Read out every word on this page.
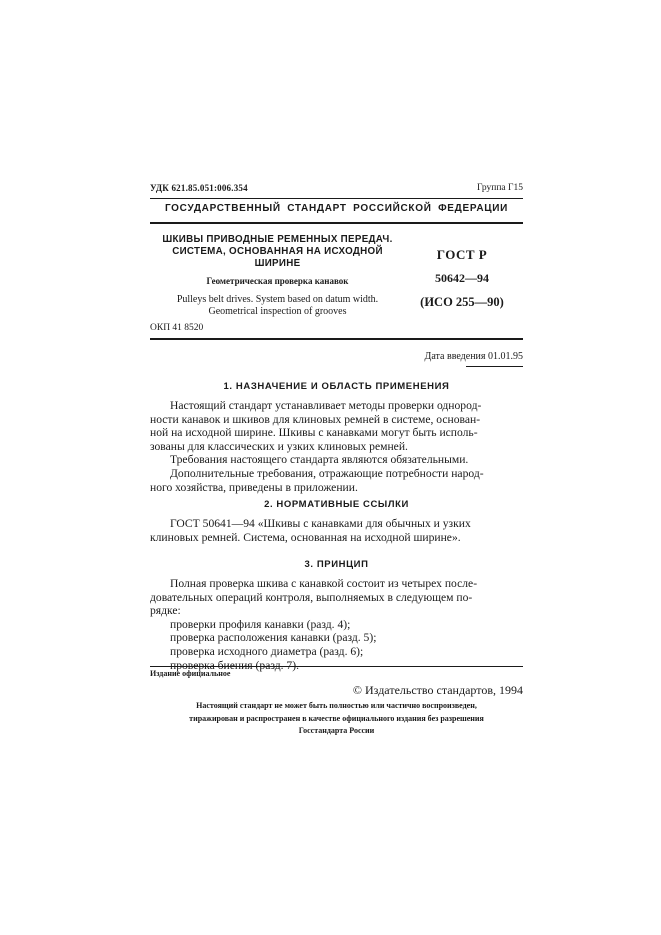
УДК 621.85.051:006.354	Группа Г15
ГОСУДАРСТВЕННЫЙ СТАНДАРТ РОССИЙСКОЙ ФЕДЕРАЦИИ
ШКИВЫ ПРИВОДНЫЕ РЕМЕННЫХ ПЕРЕДАЧ.
СИСТЕМА, ОСНОВАННАЯ НА ИСХОДНОЙ
ШИРИНЕ
Геометрическая проверка канавок
Pulleys belt drives. System based on datum width.
Geometrical inspection of grooves
ГОСТ Р
50642—94
(ИСО 255—90)
ОКП 41 8520
Дата введения 01.01.95
1. НАЗНАЧЕНИЕ И ОБЛАСТЬ ПРИМЕНЕНИЯ
Настоящий стандарт устанавливает методы проверки однород-
ности канавок и шкивов для клиновых ремней в системе, основан-
ной на исходной ширине. Шкивы с канавками могут быть исполь-
зованы для классических и узких клиновых ремней.
Требования настоящего стандарта являются обязательными.
Дополнительные требования, отражающие потребности народ-
ного хозяйства, приведены в приложении.
2. НОРМАТИВНЫЕ ССЫЛКИ
ГОСТ 50641—94 «Шкивы с канавками для обычных и узких
клиновых ремней. Система, основанная на исходной ширине».
3. ПРИНЦИП
Полная проверка шкива с канавкой состоит из четырех после-
довательных операций контроля, выполняемых в следующем по-
рядке:
проверки профиля канавки (разд. 4);
проверка расположения канавки (разд. 5);
проверка исходного диаметра (разд. 6);
Издание официальное
© Издательство стандартов, 1994
Настоящий стандарт не может быть полностью или частично воспроизведен,
тиражирован и распространен в качестве официального издания без разрешения
Госстандарта России
